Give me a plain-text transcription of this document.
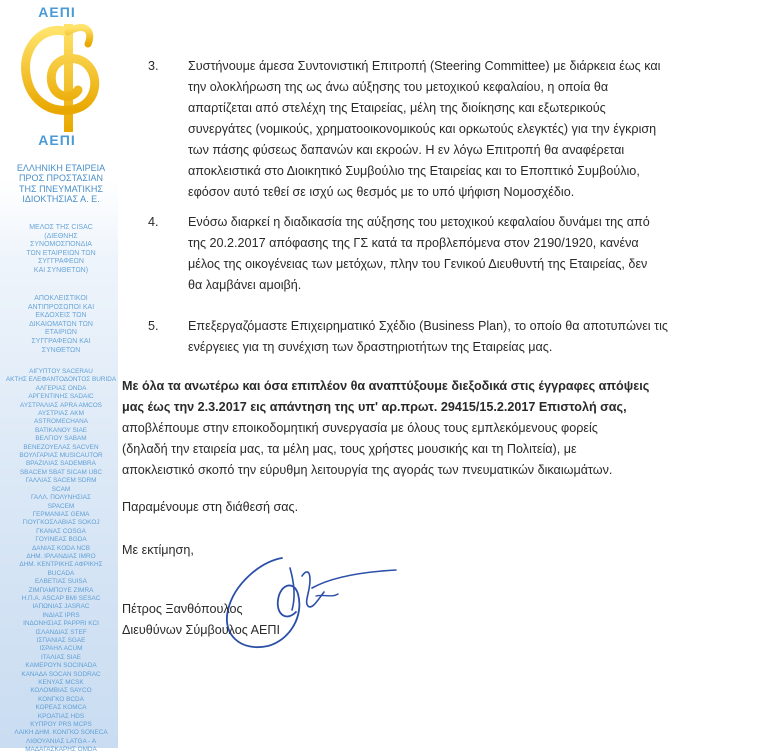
ΑΕΠΙ
ΑΕΠΙ
ΕΛΛΗΝΙΚΗ ΕΤΑΙΡΕΙΑ
ΠΡΟΣ ΠΡΟΣΤΑΣΙΑΝ
ΤΗΣ ΠΝΕΥΜΑΤΙΚΗΣ
ΙΔΙΟΚΤΗΣΙΑΣ Α. Ε.
ΜΕΛΟΣ ΤΗΣ CISAC
(ΔΙΕΘΝΗΣ
ΣΥΝΟΜΟΣΠΟΝΔΙΑ
ΤΩΝ ΕΤΑΙΡΕΙΩΝ ΤΩΝ
ΣΥΓΓΡΑΦΕΩΝ
ΚΑΙ ΣΥΝΘΕΤΩΝ)
ΑΠΟΚΛΕΙΣΤΙΚΟΙ
ΑΝΤΙΠΡΟΣΩΠΟΙ ΚΑΙ
ΕΚΔΟΧΕΙΣ ΤΩΝ
ΔΙΚΑΙΩΜΑΤΩΝ ΤΩΝ
ΕΤΑΙΡΙΩΝ
ΣΥΓΓΡΑΦΕΩΝ ΚΑΙ
ΣΥΝΘΕΤΩΝ
ΑΙΓΥΠΤΟΥ SACERAU
ΑΚΤΗΣ ΕΛΕΦΑΝΤΟΔΟΝΤΟΣ BURIDA
ΑΛΓΕΡΙΑΣ ONDA
ΑΡΓΕΝΤΙΝΗΣ SADAIC
ΑΥΣΤΡΑΛΙΑΣ APRA AMCOS
ΑΥΣΤΡΙΑΣ AKM
ASTROMECHANA
ΒΑΤΙΚΑΝΟΥ SIAE
ΒΕΛΓΙΟΥ SABAM
ΒΕΝΕΖΟΥΕΛΑΣ SACVEN
ΒΟΥΛΓΑΡΙΑΣ MUSICAUTOR
ΒΡΑΖΙΛΙΑΣ SADEMBRA
SBACEM SBAT SICAM UBC
ΓΑΛΛΙΑΣ SACEM SDRM
SCAM
ΓΑΛΛ. ΠΟΛΥΝΗΣΙΑΣ
SPACEM
ΓΕΡΜΑΝΙΑΣ GEMA
ΓΙΟΥΓΚΟΣΛΑΒΙΑΣ SOKOJ
ΓΚΑΝΑΣ COSGA
ΓΟΥΙΝΕΑΣ BGDA
ΔΑΝΙΑΣ KODA NCB
ΔΗΜ. ΙΡΛΑΝΔΙΑΣ IMRO
ΔΗΜ. ΚΕΝΤΡΙΚΗΣ ΑΦΡΙΚΗΣ
BUCADA
ΕΛΒΕΤΙΑΣ SUISA
ΖΙΜΠΑΜΠΟΥΕ ZIMRA
Η.Π.Α. ASCAP BMI SESAC
ΙΑΠΩΝΙΑΣ JASRAC
ΙΝΔΙΑΣ IPRS
ΙΝΔΟΝΗΣΙΑΣ PAPPRI KCI
ΙΣΛΑΝΔΙΑΣ STEF
ΙΣΠΑΝΙΑΣ SGAE
ΙΣΡΑΗΛ ACUM
ΙΤΑΛΙΑΣ SIAE
ΚΑΜΕΡΟΥΝ SOCINADA
ΚΑΝΑΔΑ SOCAN SODRAC
ΚΕΝΥΑΣ MCSK
ΚΟΛΟΜΒΙΑΣ SAYCO
ΚΟΝΓΚΟ BCDA
ΚΟΡΕΑΣ KOMCA
ΚΡΟΑΤΙΑΣ HDS
ΚΥΠΡΟΥ PRS MCPS
ΛΑΙΚΗ ΔΗΜ. ΚΟΝΓΚΟ SONECA
ΛΙΘΟΥΑΝΙΑΣ LATGA - A
ΜΑΔΑΓΑΣΚΑΡΗΣ OMDA
3. Συστήνουμε άμεσα Συντονιστική Επιτροπή (Steering Committee) με διάρκεια έως και

την ολοκλήρωση της ως άνω αύξησης του μετοχικού κεφαλαίου, η οποία θα

απαρτίζεται από στελέχη της Εταιρείας, μέλη της διοίκησης και εξωτερικούς

συνεργάτες (νομικούς, χρηματοοικονομικούς και ορκωτούς ελεγκτές) για την έγκριση

των πάσης φύσεως δαπανών και εκροών. Η εν λόγω Επιτροπή θα αναφέρεται

αποκλειστικά στο Διοικητικό Συμβούλιο της Εταιρείας και το Εποπτικό Συμβούλιο,

εφόσον αυτό τεθεί σε ισχύ ως θεσμός με το υπό ψήφιση Νομοσχέδιο.

4. Ενόσω διαρκεί η διαδικασία της αύξησης του μετοχικού κεφαλαίου δυνάμει της από

της 20.2.2017 απόφασης της ΓΣ κατά τα προβλεπόμενα στον 2190/1920, κανένα

μέλος της οικογένειας των μετόχων, πλην του Γενικού Διευθυντή της Εταιρείας, δεν

θα λαμβάνει αμοιβή.

5. Επεξεργαζόμαστε Επιχειρηματικό Σχέδιο (Business Plan), το οποίο θα αποτυπώνει τις

ενέργειες για τη συνέχιση των δραστηριοτήτων της Εταιρείας μας.

Με όλα τα ανωτέρω και όσα επιπλέον θα αναπτύξουμε διεξοδικά στις έγγραφες απόψεις

μας έως την 2.3.2017 εις απάντηση της υπ' αρ.πρωτ. 29415/15.2.2017 Επιστολή σας,

αποβλέπουμε στην εποικοδομητική συνεργασία με όλους τους εμπλεκόμενους φορείς

(δηλαδή την εταιρεία μας, τα μέλη μας, τους χρήστες μουσικής και τη Πολιτεία), με

αποκλειστικό σκοπό την εύρυθμη λειτουργία της αγοράς των πνευματικών δικαιωμάτων.

Παραμένουμε στη διάθεσή σας.
Με εκτίμηση,
Πέτρος Ξανθόπουλος
Διευθύνων Σύμβουλος ΑΕΠΙ
